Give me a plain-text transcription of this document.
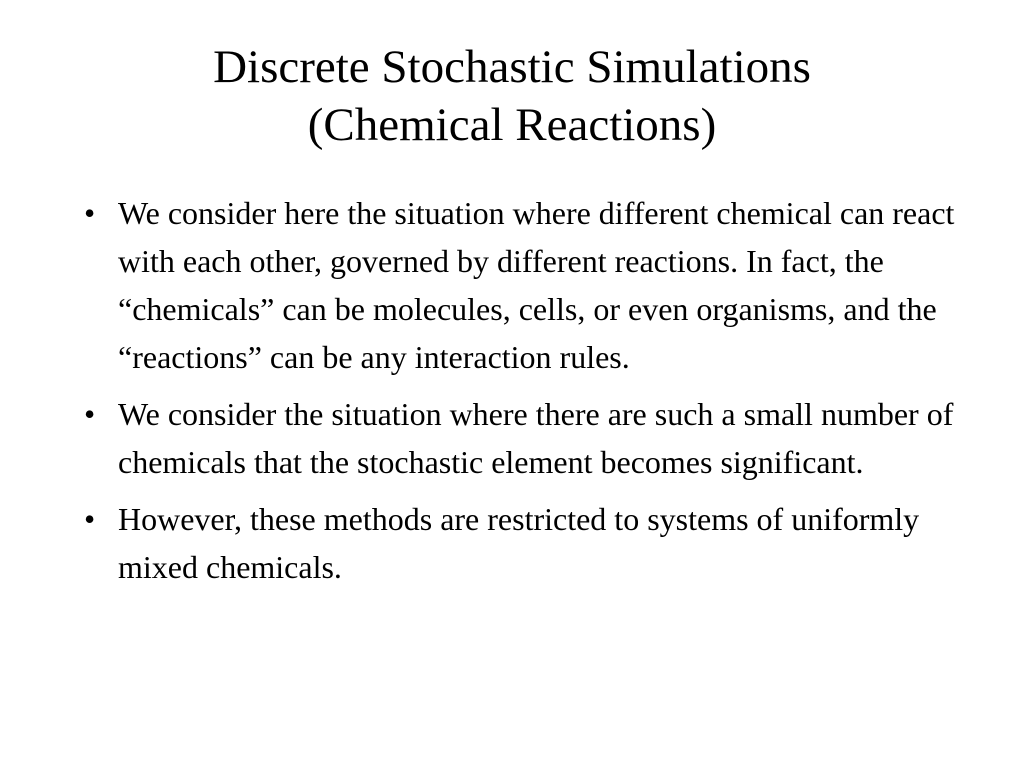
Discrete Stochastic Simulations
(Chemical Reactions)
• We consider here the situation where different chemical can react with each other, governed by different reactions. In fact, the “chemicals” can be molecules, cells, or even organisms, and the “reactions” can be any interaction rules.
• We consider the situation where there are such a small number of chemicals that the stochastic element becomes significant.
• However, these methods are restricted to systems of uniformly mixed chemicals.
